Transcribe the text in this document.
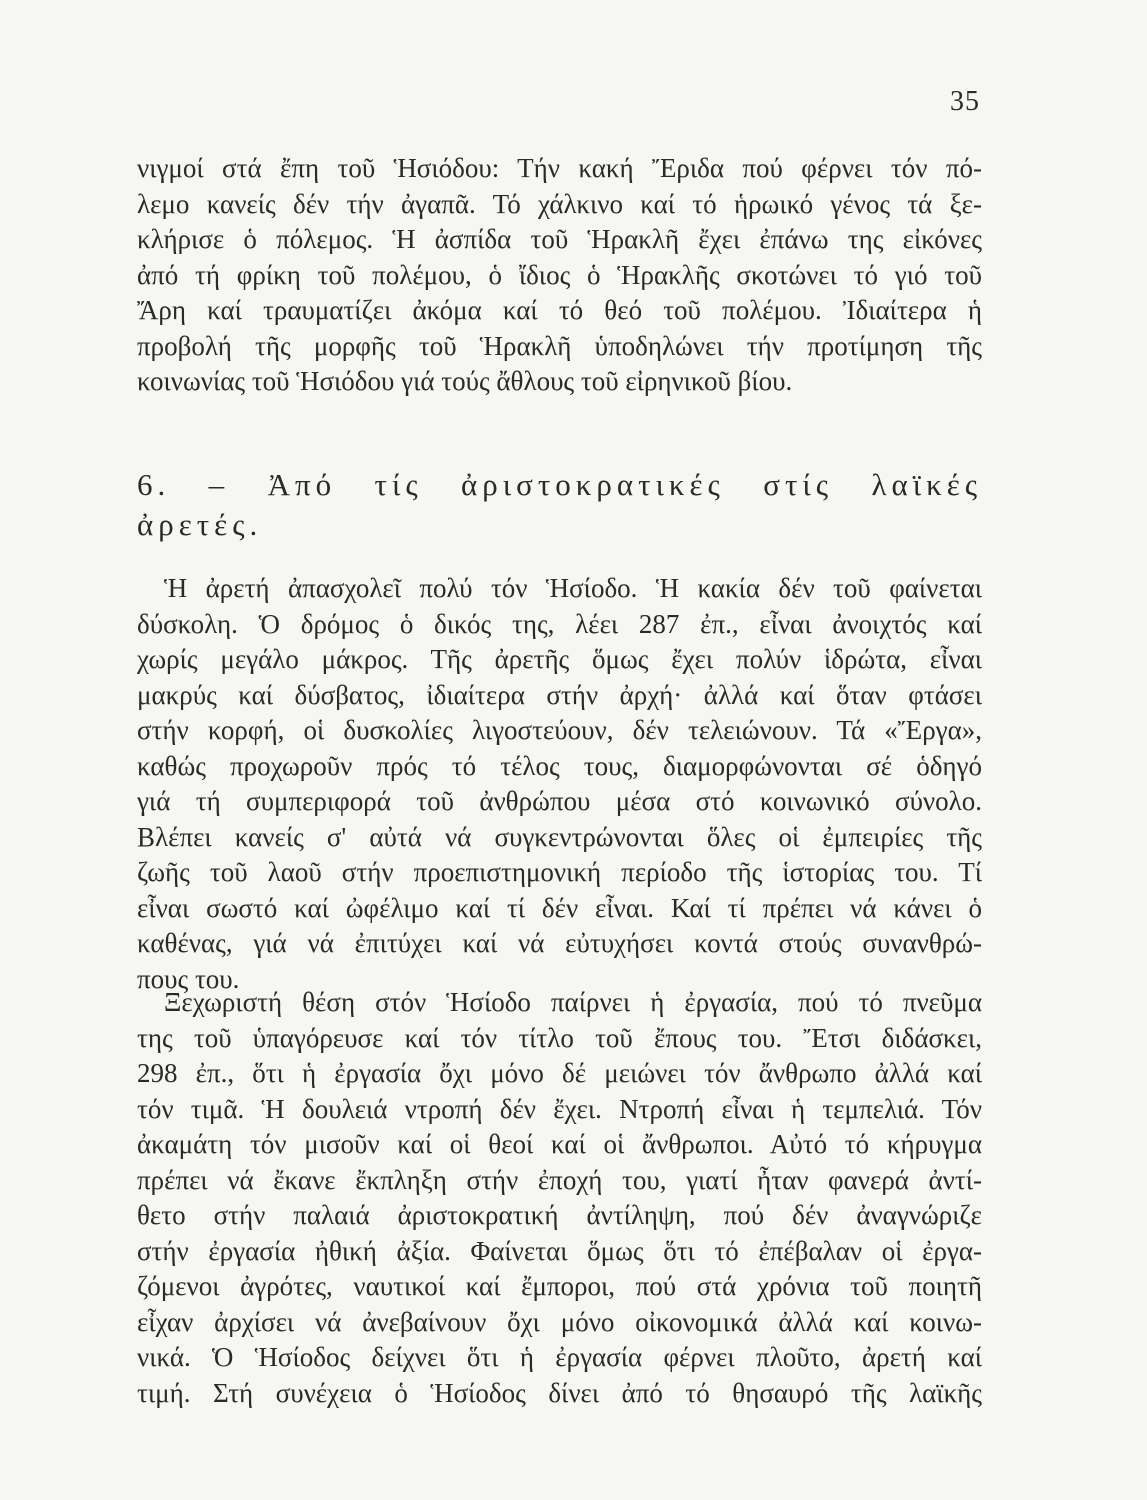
35
νιγμοί στά ἔπη τοῦ Ἡσιόδου: Τήν κακή Ἔριδα πού φέρνει τόν πό-
λεμο κανείς δέν τήν ἀγαπᾶ. Τό χάλκινο καί τό ἡρωικό γένος τά ξε-
κλήρισε ὁ πόλεμος. Ἡ ἀσπίδα τοῦ Ἡρακλῆ ἔχει ἐπάνω της εἰκόνες
ἀπό τή φρίκη τοῦ πολέμου, ὁ ἴδιος ὁ Ἡρακλῆς σκοτώνει τό γιό τοῦ
Ἄρη καί τραυματίζει ἀκόμα καί τό θεό τοῦ πολέμου. Ἰδιαίτερα ἡ
προβολή τῆς μορφῆς τοῦ Ἡρακλῆ ὑποδηλώνει τήν προτίμηση τῆς
κοινωνίας τοῦ Ἡσιόδου γιά τούς ἄθλους τοῦ εἰρηνικοῦ βίου.
6. – Ἀπό τίς ἀριστοκρατικές στίς λαϊκές
ἀρετές.
Ἡ ἀρετή ἀπασχολεῖ πολύ τόν Ἡσίοδο. Ἡ κακία δέν τοῦ φαίνεται
δύσκολη. Ὁ δρόμος ὁ δικός της, λέει 287 ἐπ., εἶναι ἀνοιχτός καί
χωρίς μεγάλο μάκρος. Τῆς ἀρετῆς ὅμως ἔχει πολύν ἱδρώτα, εἶναι
μακρύς καί δύσβατος, ἰδιαίτερα στήν ἀρχή· ἀλλά καί ὅταν φτάσει
στήν κορφή, οἱ δυσκολίες λιγοστεύουν, δέν τελειώνουν. Τά «Ἔργα»,
καθώς προχωροῦν πρός τό τέλος τους, διαμορφώνονται σέ ὁδηγό
γιά τή συμπεριφορά τοῦ ἀνθρώπου μέσα στό κοινωνικό σύνολο.
Βλέπει κανείς σ' αὐτά νά συγκεντρώνονται ὅλες οἱ ἐμπειρίες τῆς
ζωῆς τοῦ λαοῦ στήν προεπιστημονική περίοδο τῆς ἱστορίας του. Τί
εἶναι σωστό καί ὠφέλιμο καί τί δέν εἶναι. Καί τί πρέπει νά κάνει ὁ
καθένας, γιά νά ἐπιτύχει καί νά εὐτυχήσει κοντά στούς συνανθρώ-
πους του.
Ξεχωριστή θέση στόν Ἡσίοδο παίρνει ἡ ἐργασία, πού τό πνεῦμα
της τοῦ ὑπαγόρευσε καί τόν τίτλο τοῦ ἔπους του. Ἔτσι διδάσκει,
298 ἐπ., ὅτι ἡ ἐργασία ὄχι μόνο δέ μειώνει τόν ἄνθρωπο ἀλλά καί
τόν τιμᾶ. Ἡ δουλειά ντροπή δέν ἔχει. Ντροπή εἶναι ἡ τεμπελιά. Τόν
ἀκαμάτη τόν μισοῦν καί οἱ θεοί καί οἱ ἄνθρωποι. Αὐτό τό κήρυγμα
πρέπει νά ἔκανε ἔκπληξη στήν ἐποχή του, γιατί ἦταν φανερά ἀντί-
θετο στήν παλαιά ἀριστοκρατική ἀντίληψη, πού δέν ἀναγνώριζε
στήν ἐργασία ἠθική ἀξία. Φαίνεται ὅμως ὅτι τό ἐπέβαλαν οἱ ἐργα-
ζόμενοι ἀγρότες, ναυτικοί καί ἔμποροι, πού στά χρόνια τοῦ ποιητῆ
εἶχαν ἀρχίσει νά ἀνεβαίνουν ὄχι μόνο οἰκονομικά ἀλλά καί κοινω-
νικά. Ὁ Ἡσίοδος δείχνει ὅτι ἡ ἐργασία φέρνει πλοῦτο, ἀρετή καί
τιμή. Στή συνέχεια ὁ Ἡσίοδος δίνει ἀπό τό θησαυρό τῆς λαϊκῆς
